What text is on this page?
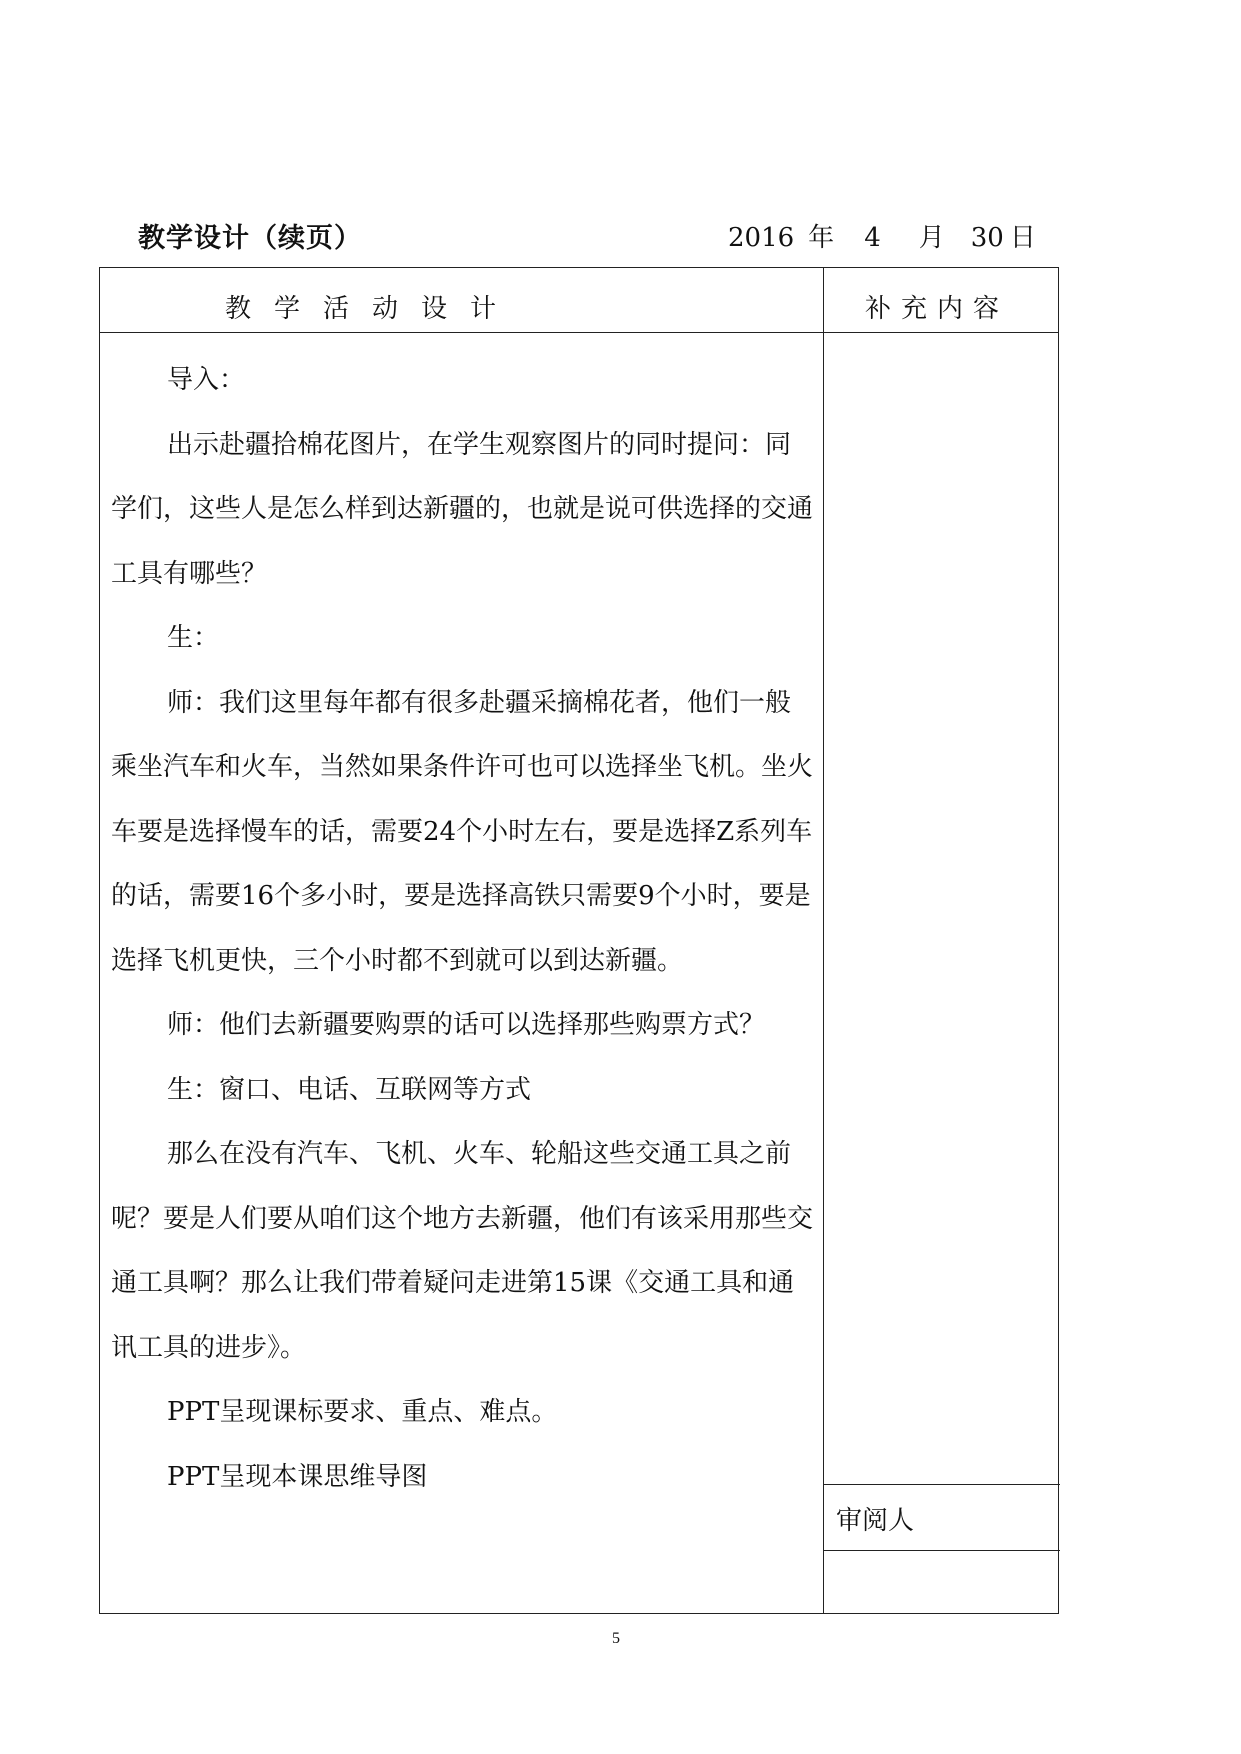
教学设计（续页）	2016 年 4 月 30 日
教学活动设计	补充内容

导入：

出示赴疆拾棉花图片，在学生观察图片的同时提问：同学们，这些人是怎么样到达新疆的，也就是说可供选择的交通工具有哪些？

生：

师：我们这里每年都有很多赴疆采摘棉花者，他们一般乘坐汽车和火车，当然如果条件许可也可以选择坐飞机。坐火车要是选择慢车的话，需要24个小时左右，要是选择Z系列车的话，需要16个多小时，要是选择高铁只需要9个小时，要是选择飞机更快，三个小时都不到就可以到达新疆。

师：他们去新疆要购票的话可以选择那些购票方式？

生：窗口、电话、互联网等方式

那么在没有汽车、飞机、火车、轮船这些交通工具之前呢？要是人们要从咱们这个地方去新疆，他们有该采用那些交通工具啊？那么让我们带着疑问走进第15课《交通工具和通讯工具的进步》。

PPT呈现课标要求、重点、难点。

PPT呈现本课思维导图

审阅人
5
